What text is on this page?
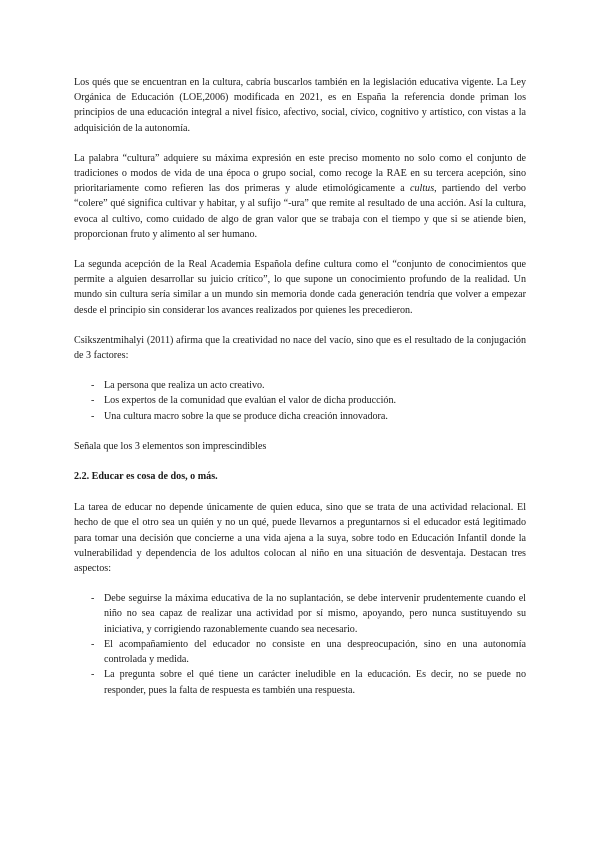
Los qués que se encuentran en la cultura, cabría buscarlos también en la legislación educativa vigente. La Ley Orgánica de Educación (LOE,2006) modificada en 2021, es en España la referencia donde priman los principios de una educación integral a nivel físico, afectivo, social, cívico, cognitivo y artístico, con vistas a la adquisición de la autonomía.

La palabra “cultura” adquiere su máxima expresión en este preciso momento no solo como el conjunto de tradiciones o modos de vida de una época o grupo social, como recoge la RAE en su tercera acepción, sino prioritariamente como refieren las dos primeras y alude etimológicamente a cultus, partiendo del verbo “colere” qué significa cultivar y habitar, y al sufijo “-ura” que remite al resultado de una acción. Así la cultura, evoca al cultivo, como cuidado de algo de gran valor que se trabaja con el tiempo y que si se atiende bien, proporcionan fruto y alimento al ser humano.

La segunda acepción de la Real Academia Española define cultura como el “conjunto de conocimientos que permite a alguien desarrollar su juicio crítico”, lo que supone un conocimiento profundo de la realidad. Un mundo sin cultura sería similar a un mundo sin memoria donde cada generación tendría que volver a empezar desde el principio sin considerar los avances realizados por quienes les precedieron.

Csikszentmihalyi (2011) afirma que la creatividad no nace del vacío, sino que es el resultado de la conjugación de 3 factores:

- La persona que realiza un acto creativo.
- Los expertos de la comunidad que evalúan el valor de dicha producción.
- Una cultura macro sobre la que se produce dicha creación innovadora.

Señala que los 3 elementos son imprescindibles

2.2. Educar es cosa de dos, o más.

La tarea de educar no depende únicamente de quien educa, sino que se trata de una actividad relacional. El hecho de que el otro sea un quién y no un qué, puede llevarnos a preguntarnos si el educador está legitimado para tomar una decisión que concierne a una vida ajena a la suya, sobre todo en Educación Infantil donde la vulnerabilidad y dependencia de los adultos colocan al niño en una situación de desventaja. Destacan tres aspectos:

- Debe seguirse la máxima educativa de la no suplantación, se debe intervenir prudentemente cuando el niño no sea capaz de realizar una actividad por sí mismo, apoyando, pero nunca sustituyendo su iniciativa, y corrigiendo razonablemente cuando sea necesario.
- El acompañamiento del educador no consiste en una despreocupación, sino en una autonomía controlada y medida.
- La pregunta sobre el qué tiene un carácter ineludible en la educación. Es decir, no se puede no responder, pues la falta de respuesta es también una respuesta.
